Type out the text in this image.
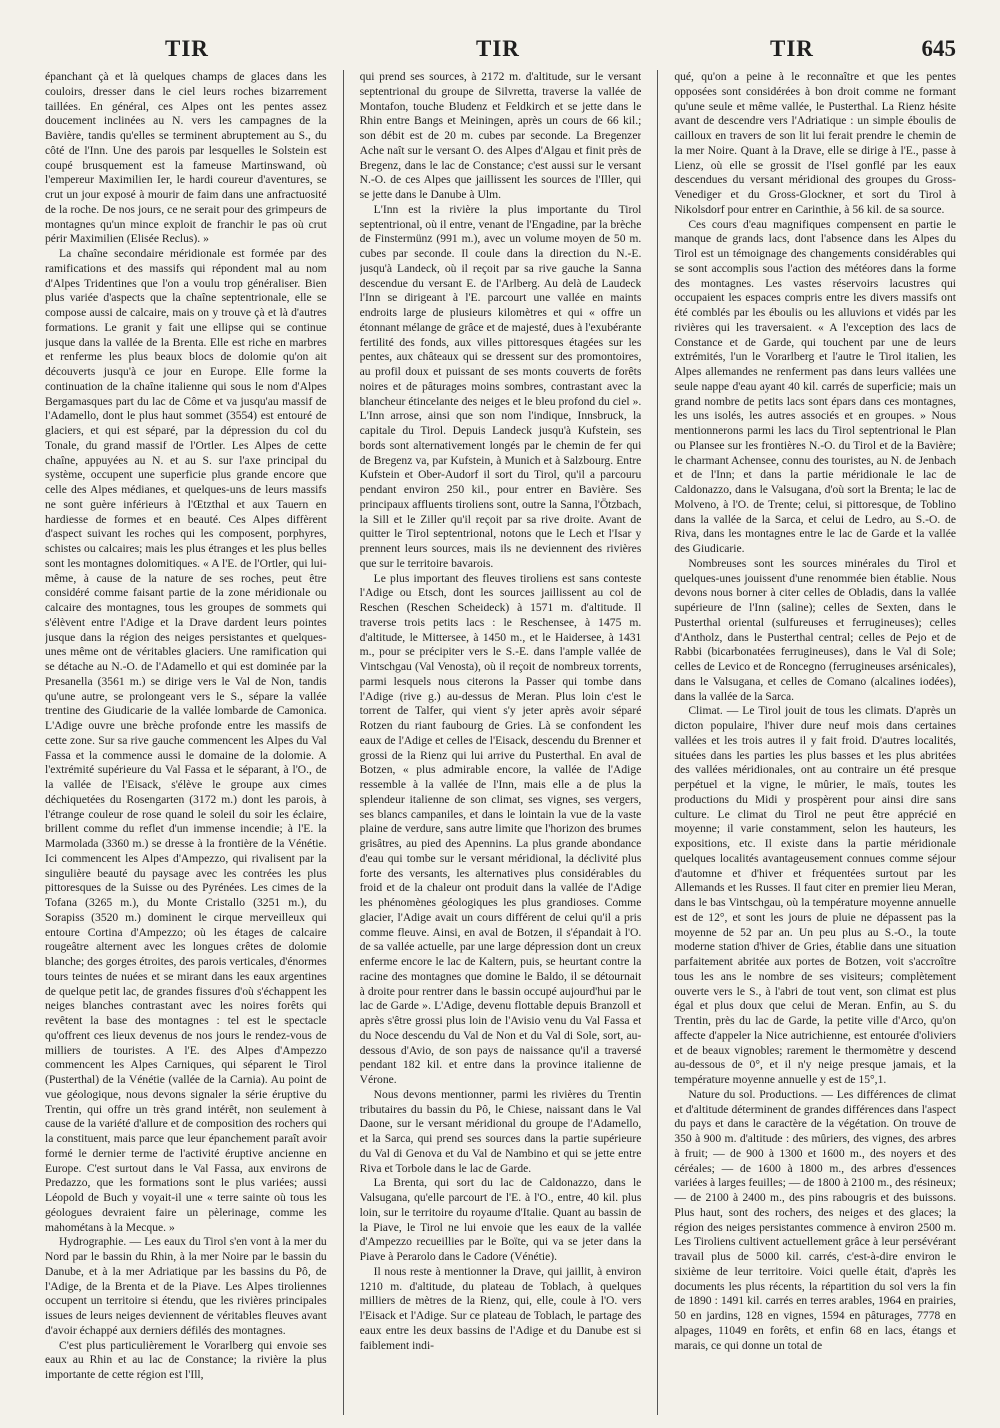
TIR	TIR	TIR	645

épanchant çà et là quelques champs de glaces dans les couloirs, dresser dans le ciel leurs roches bizarrement taillées. En général, ces Alpes ont les pentes assez doucement inclinées au N. vers les campagnes de la Bavière, tandis qu'elles se terminent abruptement au S., du côté de l'Inn. Une des parois par lesquelles le Solstein est coupé brusquement est la fameuse Martinswand, où l'empereur Maximilien Ier, le hardi coureur d'aventures, se crut un jour exposé à mourir de faim dans une anfractuosité de la roche. De nos jours, ce ne serait pour des grimpeurs de montagnes qu'un mince exploit de franchir le pas où crut périr Maximilien (Elisée Reclus). »

La chaîne secondaire méridionale est formée par des ramifications et des massifs qui répondent mal au nom d'Alpes Tridentines que l'on a voulu trop généraliser. Bien plus variée d'aspects que la chaîne septentrionale, elle se compose aussi de calcaire, mais on y trouve çà et là d'autres formations. Le granit y fait une ellipse qui se continue jusque dans la vallée de la Brenta. Elle est riche en marbres et renferme les plus beaux blocs de dolomie qu'on ait découverts jusqu'à ce jour en Europe. Elle forme la continuation de la chaîne italienne qui sous le nom d'Alpes Bergamasques part du lac de Côme et va jusqu'au massif de l'Adamello, dont le plus haut sommet (3554) est entouré de glaciers, et qui est séparé, par la dépression du col du Tonale, du grand massif de l'Ortler. Les Alpes de cette chaîne, appuyées au N. et au S. sur l'axe principal du système, occupent une superficie plus grande encore que celle des Alpes médianes, et quelques-uns de leurs massifs ne sont guère inférieurs à l'Œtzthal et aux Tauern en hardiesse de formes et en beauté. Ces Alpes diffèrent d'aspect suivant les roches qui les composent, porphyres, schistes ou calcaires; mais les plus étranges et les plus belles sont les montagnes dolomitiques. « A l'E. de l'Ortler, qui lui-même, à cause de la nature de ses roches, peut être considéré comme faisant partie de la zone méridionale ou calcaire des montagnes, tous les groupes de sommets qui s'élèvent entre l'Adige et la Drave dardent leurs pointes jusque dans la région des neiges persistantes et quelques-unes même ont de véritables glaciers. Une ramification qui se détache au N.-O. de l'Adamello et qui est dominée par la Presanella (3561 m.) se dirige vers le Val de Non, tandis qu'une autre, se prolongeant vers le S., sépare la vallée trentine des Giudicarie de la vallée lombarde de Camonica. L'Adige ouvre une brèche profonde entre les massifs de cette zone. Sur sa rive gauche commencent les Alpes du Val Fassa et la commence aussi le domaine de la dolomie. A l'extrémité supérieure du Val Fassa et le séparant, à l'O., de la vallée de l'Eisack, s'élève le groupe aux cimes déchiquetées du Rosengarten (3172 m.) dont les parois, à l'étrange couleur de rose quand le soleil du soir les éclaire, brillent comme du reflet d'un immense incendie; à l'E. la Marmolada (3360 m.) se dresse à la frontière de la Vénétie. Ici commencent les Alpes d'Ampezzo, qui rivalisent par la singulière beauté du paysage avec les contrées les plus pittoresques de la Suisse ou des Pyrénées. Les cimes de la Tofana (3265 m.), du Monte Cristallo (3251 m.), du Sorapiss (3520 m.) dominent le cirque merveilleux qui entoure Cortina d'Ampezzo; où les étages de calcaire rougeâtre alternent avec les longues crêtes de dolomie blanche; des gorges étroites, des parois verticales, d'énormes tours teintes de nuées et se mirant dans les eaux argentines de quelque petit lac, de grandes fissures d'où s'échappent les neiges blanches contrastant avec les noires forêts qui revêtent la base des montagnes : tel est le spectacle qu'offrent ces lieux devenus de nos jours le rendez-vous de milliers de touristes. A l'E. des Alpes d'Ampezzo commencent les Alpes Carniques, qui séparent le Tirol (Pusterthal) de la Vénétie (vallée de la Carnia). Au point de vue géologique, nous devons signaler la série éruptive du Trentin, qui offre un très grand intérêt, non seulement à cause de la variété d'allure et de composition des rochers qui la constituent, mais parce que leur épanchement paraît avoir formé le dernier terme de l'activité éruptive ancienne en Europe. C'est surtout dans le Val Fassa, aux environs de Predazzo, que les formations sont le plus variées; aussi Léopold de Buch y voyait-il une « terre sainte où tous les géologues devraient faire un pèlerinage, comme les mahométans à la Mecque. »

Hydrographie. — Les eaux du Tirol s'en vont à la mer du Nord par le bassin du Rhin, à la mer Noire par le bassin du Danube, et à la mer Adriatique par les bassins du Pô, de l'Adige, de la Brenta et de la Piave. Les Alpes tiroliennes occupent un territoire si étendu, que les rivières principales issues de leurs neiges deviennent de véritables fleuves avant d'avoir échappé aux derniers défilés des montagnes.

C'est plus particulièrement le Vorarlberg qui envoie ses eaux au Rhin et au lac de Constance; la rivière la plus importante de cette région est l'Ill,

qui prend ses sources, à 2172 m. d'altitude, sur le versant septentrional du groupe de Silvretta, traverse la vallée de Montafon, touche Bludenz et Feldkirch et se jette dans le Rhin entre Bangs et Meiningen, après un cours de 66 kil.; son débit est de 20 m. cubes par seconde. La Bregenzer Ache naît sur le versant O. des Alpes d'Algau et finit près de Bregenz, dans le lac de Constance; c'est aussi sur le versant N.-O. de ces Alpes que jaillissent les sources de l'Iller, qui se jette dans le Danube à Ulm.

L'Inn est la rivière la plus importante du Tirol septentrional, où il entre, venant de l'Engadine, par la brèche de Finstermünz (991 m.), avec un volume moyen de 50 m. cubes par seconde. Il coule dans la direction du N.-E. jusqu'à Landeck, où il reçoit par sa rive gauche la Sanna descendue du versant E. de l'Arlberg. Au delà de Laudeck l'Inn se dirigeant à l'E. parcourt une vallée en maints endroits large de plusieurs kilomètres et qui « offre un étonnant mélange de grâce et de majesté, dues à l'exubérante fertilité des fonds, aux villes pittoresques étagées sur les pentes, aux châteaux qui se dressent sur des promontoires, au profil doux et puissant de ses monts couverts de forêts noires et de pâturages moins sombres, contrastant avec la blancheur étincelante des neiges et le bleu profond du ciel ». L'Inn arrose, ainsi que son nom l'indique, Innsbruck, la capitale du Tirol. Depuis Landeck jusqu'à Kufstein, ses bords sont alternativement longés par le chemin de fer qui de Bregenz va, par Kufstein, à Munich et à Salzbourg. Entre Kufstein et Ober-Audorf il sort du Tirol, qu'il a parcouru pendant environ 250 kil., pour entrer en Bavière. Ses principaux affluents tiroliens sont, outre la Sanna, l'Ötzbach, la Sill et le Ziller qu'il reçoit par sa rive droite. Avant de quitter le Tirol septentrional, notons que le Lech et l'Isar y prennent leurs sources, mais ils ne deviennent des rivières que sur le territoire bavarois.

Le plus important des fleuves tiroliens est sans conteste l'Adige ou Etsch, dont les sources jaillissent au col de Reschen (Reschen Scheideck) à 1571 m. d'altitude. Il traverse trois petits lacs : le Reschensee, à 1475 m. d'altitude, le Mittersee, à 1450 m., et le Haidersee, à 1431 m., pour se précipiter vers le S.-E. dans l'ample vallée de Vintschgau (Val Venosta), où il reçoit de nombreux torrents, parmi lesquels nous citerons la Passer qui tombe dans l'Adige (rive g.) au-dessus de Meran. Plus loin c'est le torrent de Talfer, qui vient s'y jeter après avoir séparé Rotzen du riant faubourg de Gries. Là se confondent les eaux de l'Adige et celles de l'Eisack, descendu du Brenner et grossi de la Rienz qui lui arrive du Pusterthal. En aval de Botzen, « plus admirable encore, la vallée de l'Adige ressemble à la vallée de l'Inn, mais elle a de plus la splendeur italienne de son climat, ses vignes, ses vergers, ses blancs campaniles, et dans le lointain la vue de la vaste plaine de verdure, sans autre limite que l'horizon des brumes grisâtres, au pied des Apennins. La plus grande abondance d'eau qui tombe sur le versant méridional, la déclivité plus forte des versants, les alternatives plus considérables du froid et de la chaleur ont produit dans la vallée de l'Adige les phénomènes géologiques les plus grandioses. Comme glacier, l'Adige avait un cours différent de celui qu'il a pris comme fleuve. Ainsi, en aval de Botzen, il s'épandait à l'O. de sa vallée actuelle, par une large dépression dont un creux enferme encore le lac de Kaltern, puis, se heurtant contre la racine des montagnes que domine le Baldo, il se détournait à droite pour rentrer dans le bassin occupé aujourd'hui par le lac de Garde ». L'Adige, devenu flottable depuis Branzoll et après s'être grossi plus loin de l'Avisio venu du Val Fassa et du Noce descendu du Val de Non et du Val di Sole, sort, au-dessous d'Avio, de son pays de naissance qu'il a traversé pendant 182 kil. et entre dans la province italienne de Vérone.

Nous devons mentionner, parmi les rivières du Trentin tributaires du bassin du Pô, le Chiese, naissant dans le Val Daone, sur le versant méridional du groupe de l'Adamello, et la Sarca, qui prend ses sources dans la partie supérieure du Val di Genova et du Val de Nambino et qui se jette entre Riva et Torbole dans le lac de Garde.

La Brenta, qui sort du lac de Caldonazzo, dans le Valsugana, qu'elle parcourt de l'E. à l'O., entre, 40 kil. plus loin, sur le territoire du royaume d'Italie. Quant au bassin de la Piave, le Tirol ne lui envoie que les eaux de la vallée d'Ampezzo recueillies par le Boïte, qui va se jeter dans la Piave à Perarolo dans le Cadore (Vénétie).

Il nous reste à mentionner la Drave, qui jaillit, à environ 1210 m. d'altitude, du plateau de Toblach, à quelques milliers de mètres de la Rienz, qui, elle, coule à l'O. vers l'Eisack et l'Adige. Sur ce plateau de Toblach, le partage des eaux entre les deux bassins de l'Adige et du Danube est si faiblement indi-

qué, qu'on a peine à le reconnaître et que les pentes opposées sont considérées à bon droit comme ne formant qu'une seule et même vallée, le Pusterthal. La Rienz hésite avant de descendre vers l'Adriatique : un simple éboulis de cailloux en travers de son lit lui ferait prendre le chemin de la mer Noire. Quant à la Drave, elle se dirige à l'E., passe à Lienz, où elle se grossit de l'Isel gonflé par les eaux descendues du versant méridional des groupes du Gross-Venediger et du Gross-Glockner, et sort du Tirol à Nikolsdorf pour entrer en Carinthie, à 56 kil. de sa source.

Ces cours d'eau magnifiques compensent en partie le manque de grands lacs, dont l'absence dans les Alpes du Tirol est un témoignage des changements considérables qui se sont accomplis sous l'action des météores dans la forme des montagnes. Les vastes réservoirs lacustres qui occupaient les espaces compris entre les divers massifs ont été comblés par les éboulis ou les alluvions et vidés par les rivières qui les traversaient. « A l'exception des lacs de Constance et de Garde, qui touchent par une de leurs extrémités, l'un le Vorarlberg et l'autre le Tirol italien, les Alpes allemandes ne renferment pas dans leurs vallées une seule nappe d'eau ayant 40 kil. carrés de superficie; mais un grand nombre de petits lacs sont épars dans ces montagnes, les uns isolés, les autres associés et en groupes. » Nous mentionnerons parmi les lacs du Tirol septentrional le Plan ou Plansee sur les frontières N.-O. du Tirol et de la Bavière; le charmant Achensee, connu des touristes, au N. de Jenbach et de l'Inn; et dans la partie méridionale le lac de Caldonazzo, dans le Valsugana, d'où sort la Brenta; le lac de Molveno, à l'O. de Trente; celui, si pittoresque, de Toblino dans la vallée de la Sarca, et celui de Ledro, au S.-O. de Riva, dans les montagnes entre le lac de Garde et la vallée des Giudicarie.

Nombreuses sont les sources minérales du Tirol et quelques-unes jouissent d'une renommée bien établie. Nous devons nous borner à citer celles de Obladis, dans la vallée supérieure de l'Inn (saline); celles de Sexten, dans le Pusterthal oriental (sulfureuses et ferrugineuses); celles d'Antholz, dans le Pusterthal central; celles de Pejo et de Rabbi (bicarbonatées ferrugineuses), dans le Val di Sole; celles de Levico et de Roncegno (ferrugineuses arsénicales), dans le Valsugana, et celles de Comano (alcalines iodées), dans la vallée de la Sarca.

Climat. — Le Tirol jouit de tous les climats. D'après un dicton populaire, l'hiver dure neuf mois dans certaines vallées et les trois autres il y fait froid. D'autres localités, situées dans les parties les plus basses et les plus abritées des vallées méridionales, ont au contraire un été presque perpétuel et la vigne, le mûrier, le maïs, toutes les productions du Midi y prospèrent pour ainsi dire sans culture. Le climat du Tirol ne peut être apprécié en moyenne; il varie constamment, selon les hauteurs, les expositions, etc. Il existe dans la partie méridionale quelques localités avantageusement connues comme séjour d'automne et d'hiver et fréquentées surtout par les Allemands et les Russes. Il faut citer en premier lieu Meran, dans le bas Vintschgau, où la température moyenne annuelle est de 12°, et sont les jours de pluie ne dépassent pas la moyenne de 52 par an. Un peu plus au S.-O., la toute moderne station d'hiver de Gries, établie dans une situation parfaitement abritée aux portes de Botzen, voit s'accroître tous les ans le nombre de ses visiteurs; complètement ouverte vers le S., à l'abri de tout vent, son climat est plus égal et plus doux que celui de Meran. Enfin, au S. du Trentin, près du lac de Garde, la petite ville d'Arco, qu'on affecte d'appeler la Nice autrichienne, est entourée d'oliviers et de beaux vignobles; rarement le thermomètre y descend au-dessous de 0°, et il n'y neige presque jamais, et la température moyenne annuelle y est de 15°,1.

Nature du sol. Productions. — Les différences de climat et d'altitude déterminent de grandes différences dans l'aspect du pays et dans le caractère de la végétation. On trouve de 350 à 900 m. d'altitude : des mûriers, des vignes, des arbres à fruit; — de 900 à 1300 et 1600 m., des noyers et des céréales; — de 1600 à 1800 m., des arbres d'essences variées à larges feuilles; — de 1800 à 2100 m., des résineux; — de 2100 à 2400 m., des pins rabougris et des buissons. Plus haut, sont des rochers, des neiges et des glaces; la région des neiges persistantes commence à environ 2500 m. Les Tiroliens cultivent actuellement grâce à leur persévérant travail plus de 5000 kil. carrés, c'est-à-dire environ le sixième de leur territoire. Voici quelle était, d'après les documents les plus récents, la répartition du sol vers la fin de 1890 : 1491 kil. carrés en terres arables, 1964 en prairies, 50 en jardins, 128 en vignes, 1594 en pâturages, 7778 en alpages, 11049 en forêts, et enfin 68 en lacs, étangs et marais, ce qui donne un total de
